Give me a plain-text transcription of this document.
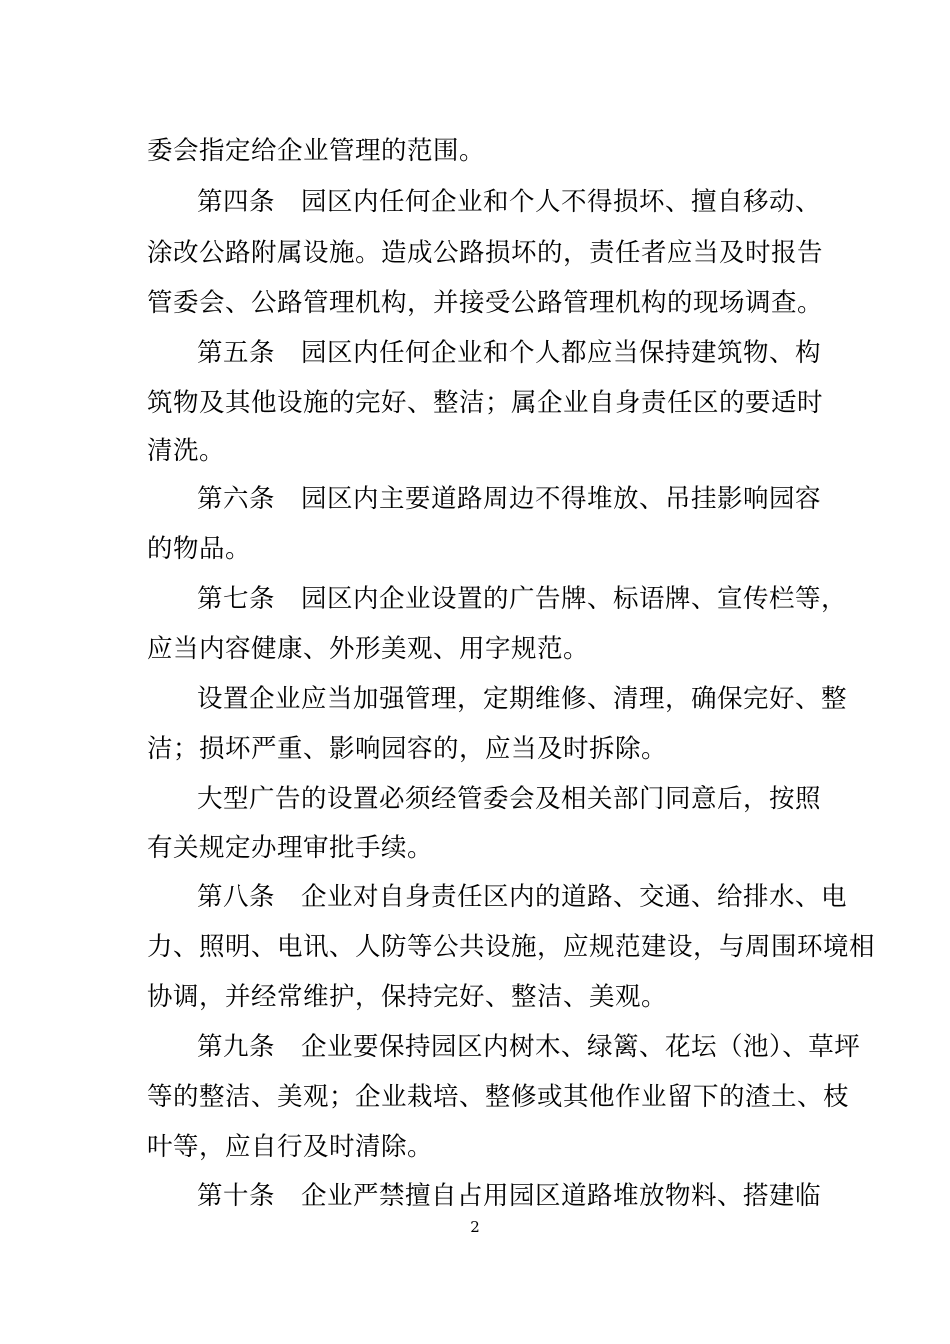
委会指定给企业管理的范围。
第四条　园区内任何企业和个人不得损坏、擅自移动、
涂改公路附属设施。造成公路损坏的，责任者应当及时报告
管委会、公路管理机构，并接受公路管理机构的现场调查。
第五条　园区内任何企业和个人都应当保持建筑物、构
筑物及其他设施的完好、整洁；属企业自身责任区的要适时
清洗。
第六条　园区内主要道路周边不得堆放、吊挂影响园容
的物品。
第七条　园区内企业设置的广告牌、标语牌、宣传栏等，
应当内容健康、外形美观、用字规范。
设置企业应当加强管理，定期维修、清理，确保完好、整
洁；损坏严重、影响园容的，应当及时拆除。
大型广告的设置必须经管委会及相关部门同意后，按照
有关规定办理审批手续。
第八条　企业对自身责任区内的道路、交通、给排水、电
力、照明、电讯、人防等公共设施，应规范建设，与周围环境相
协调，并经常维护，保持完好、整洁、美观。
第九条　企业要保持园区内树木、绿篱、花坛（池）、草坪
等的整洁、美观；企业栽培、整修或其他作业留下的渣土、枝
叶等，应自行及时清除。
第十条　企业严禁擅自占用园区道路堆放物料、搭建临
2
